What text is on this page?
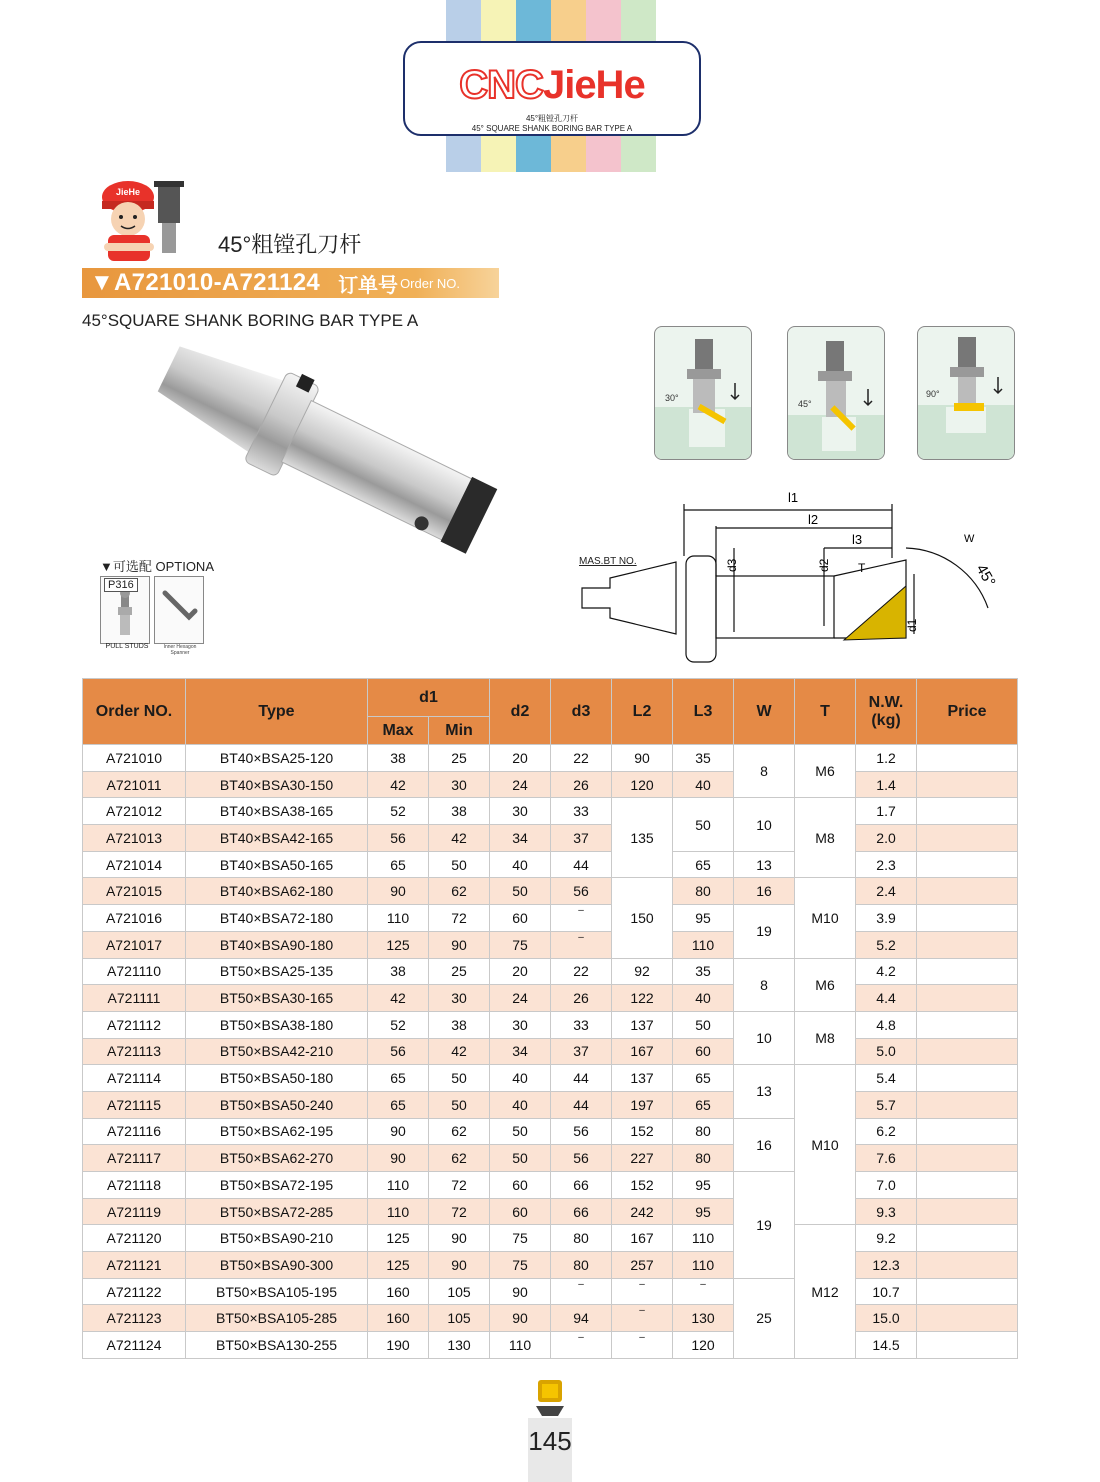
CNCJieHe
45°粗镗孔刀杆
45° SQUARE SHANK BORING BAR TYPE A
JieHe
45°粗镗孔刀杆
▼A721010-A721124 订单号 Order NO.
45°SQUARE SHANK BORING BAR TYPE A
▼可选配 OPTIONA
P316
PULL STUDS	Inner Hexagon Spanner
30°
45°
90°
l1
l2
l3
d3	d2
d1
T
W
45°
MAS.BT NO.
Order NO.	Type	d1		d2	d3	L2	L3	W	T	N.W.
(kg)	Price
		Max	Min								
A721010	BT40×BSA25-120	38	25	20	22	90	35	8	M6	1.2	
A721011	BT40×BSA30-150	42	30	24	26	120	40			1.4	
A721012	BT40×BSA38-165	52	38	30	33	135	50	10	M8	1.7	
A721013	BT40×BSA42-165	56	42	34	37					2.0	
A721014	BT40×BSA50-165	65	50	40	44		65	13		2.3	
A721015	BT40×BSA62-180	90	62	50	56	150	80	16	M10	2.4	
A721016	BT40×BSA72-180	110	72	60	–		95	19		3.9	
A721017	BT40×BSA90-180	125	90	75	–		110			5.2	
A721110	BT50×BSA25-135	38	25	20	22	92	35	8	M6	4.2	
A721111	BT50×BSA30-165	42	30	24	26	122	40			4.4	
A721112	BT50×BSA38-180	52	38	30	33	137	50	10	M8	4.8	
A721113	BT50×BSA42-210	56	42	34	37	167	60			5.0	
A721114	BT50×BSA50-180	65	50	40	44	137	65	13	M10	5.4	
A721115	BT50×BSA50-240	65	50	40	44	197	65			5.7	
A721116	BT50×BSA62-195	90	62	50	56	152	80	16		6.2	
A721117	BT50×BSA62-270	90	62	50	56	227	80			7.6	
A721118	BT50×BSA72-195	110	72	60	66	152	95	19		7.0	
A721119	BT50×BSA72-285	110	72	60	66	242	95			9.3	
A721120	BT50×BSA90-210	125	90	75	80	167	110		M12	9.2	
A721121	BT50×BSA90-300	125	90	75	80	257	110			12.3	
A721122	BT50×BSA105-195	160	105	90	–	–	–	25		10.7	
A721123	BT50×BSA105-285	160	105	90	94	–	130			15.0	
A721124	BT50×BSA130-255	190	130	110	–	–	120			14.5	
145
